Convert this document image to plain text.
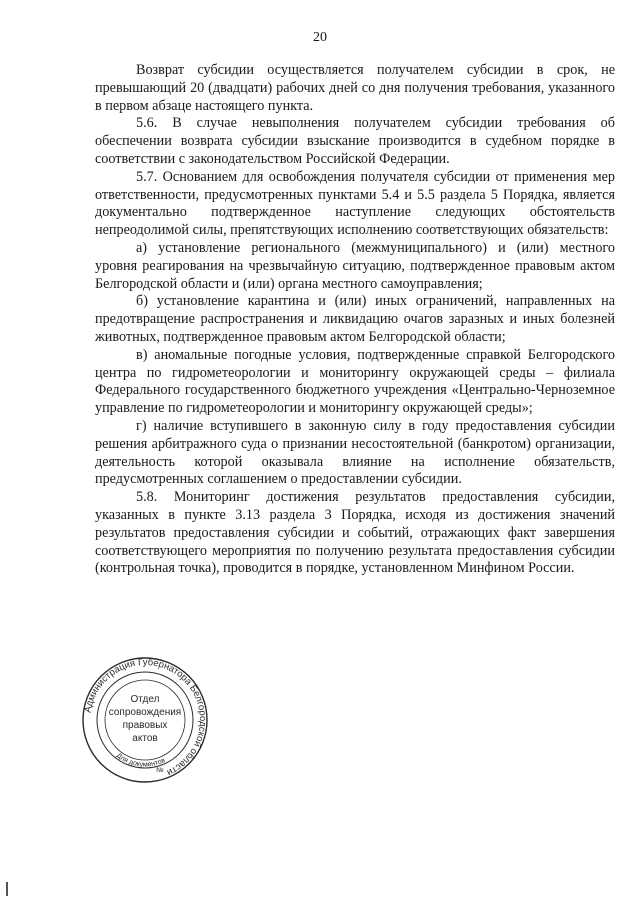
20

Возврат субсидии осуществляется получателем субсидии в срок, не превышающий 20 (двадцати) рабочих дней со дня получения требования, указанного в первом абзаце настоящего пункта.

5.6. В случае невыполнения получателем субсидии требования об обеспечении возврата субсидии взыскание производится в судебном порядке в соответствии с законодательством Российской Федерации.

5.7. Основанием для освобождения получателя субсидии от применения мер ответственности, предусмотренных пунктами 5.4 и 5.5 раздела 5 Порядка, является документально подтвержденное наступление следующих обстоятельств непреодолимой силы, препятствующих исполнению соответствующих обязательств:

а) установление регионального (межмуниципального) и (или) местного уровня реагирования на чрезвычайную ситуацию, подтвержденное правовым актом Белгородской области и (или) органа местного самоуправления;

б) установление карантина и (или) иных ограничений, направленных на предотвращение распространения и ликвидацию очагов заразных и иных болезней животных, подтвержденное правовым актом Белгородской области;

в) аномальные погодные условия, подтвержденные справкой Белгородского центра по гидрометеорологии и мониторингу окружающей среды – филиала Федерального государственного бюджетного учреждения «Центрально-Черноземное управление по гидрометеорологии и мониторингу окружающей среды»;

г) наличие вступившего в законную силу в году предоставления субсидии решения арбитражного суда о признании несостоятельной (банкротом) организации, деятельность которой оказывала влияние на исполнение обязательств, предусмотренных соглашением о предоставлении субсидии.

5.8. Мониторинг достижения результатов предоставления субсидии, указанных в пункте 3.13 раздела 3 Порядка, исходя из достижения значений результатов предоставления субсидии и событий, отражающих факт завершения соответствующего мероприятия по получению результата предоставления субсидии (контрольная точка), проводится в порядке, установленном Минфином России.

Администрация Губернатора Белгородской области
Для документов
Отдел
сопровождения
правовых
актов
№
